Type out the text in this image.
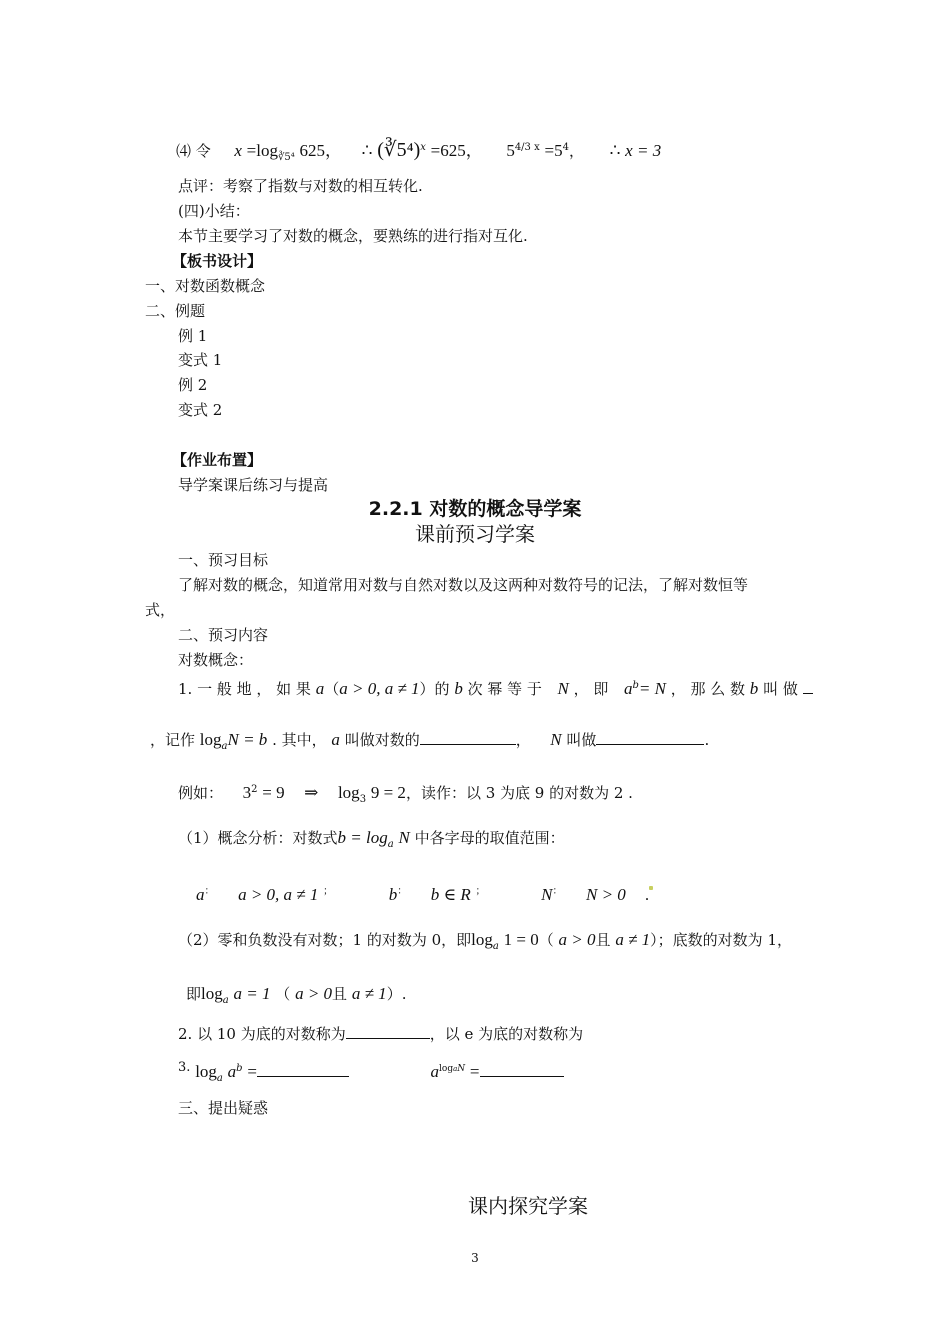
⑷ 令 $x =\log_{∛5^4}$ 625， ∴ (∛5⁴)$^x$ =625， $5^{4/3 x} =5^4$， ∴ x = 3
点评：考察了指数与对数的相互转化.
(四)小结：
本节主要学习了对数的概念，要熟练的进行指对互化.
【板书设计】
一、对数函数概念
二、例题
例 1
变式 1
例 2
变式 2
【作业布置】
导学案课后练习与提高
2.2.1 对数的概念导学案
课前预习学案
一、预习目标
了解对数的概念，知道常用对数与自然对数以及这两种对数符号的记法，了解对数恒等
式，
二、预习内容
对数概念：
1. 一 般 地 ， 如 果 a（a > 0, a ≠ 1）的 b 次 幂 等 于 N ， 即 $a^b= N$ ， 那 么 数 b 叫 做
，记作 $\log_aN = b$ . 其中， a 叫做对数的	， N 叫做	.
例如： $3^2 = 9$ ⇒ $\log_3 9 = 2$，读作：以 3 为底 9 的对数为 2 .
（1）概念分析：对数式$b = \log_a N$ 中各字母的取值范围：
a： a > 0, a ≠ 1 ；	b： b ∈ R ；	N： N > 0 .
（2）零和负数没有对数；1 的对数为 0，即$\log_a 1 = 0$（ a > 0且 a ≠ 1）；底数的对数为 1，
即$\log_a a = 1$ （ a > 0且 a ≠ 1）.
2. 以 10 为底的对数称为	，以 e 为底的对数称为
3. $\log_a a^b$ =	$a^{logaN}$ =
三、提出疑惑
课内探究学案
3
